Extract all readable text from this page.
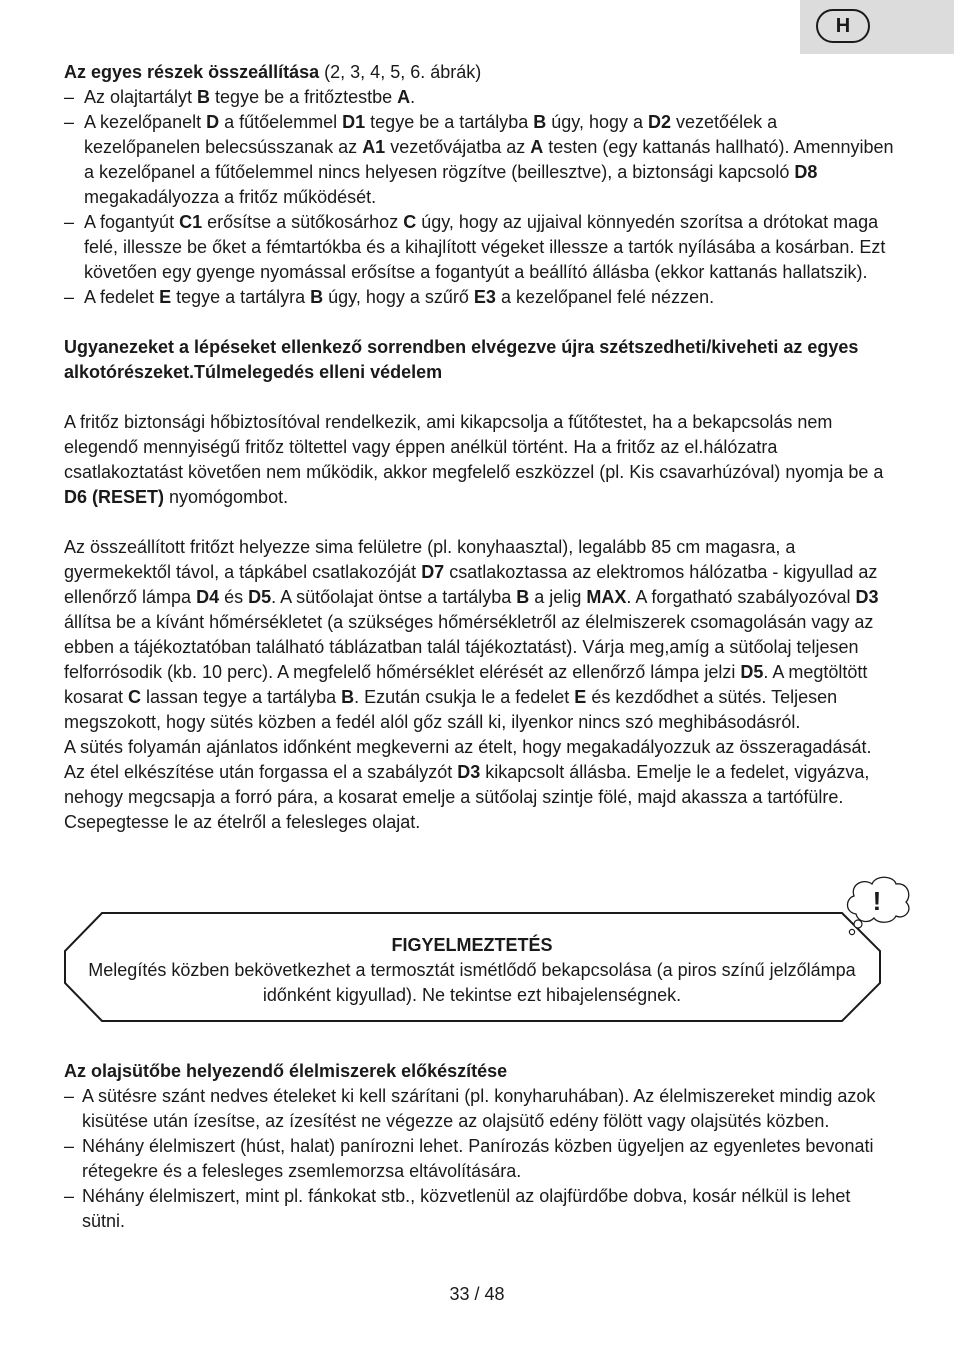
H

Az egyes részek összeállítása (2, 3, 4, 5, 6. ábrák)

– Az olajtartályt B tegye be a fritőztestbe A.

– A kezelőpanelt D a fűtőelemmel D1 tegye be a tartályba B úgy, hogy a D2 vezetőélek a kezelőpanelen belecsússzanak az A1 vezetővájatba az A testen (egy kattanás hallható). Amennyiben a kezelőpanel a fűtőelemmel nincs helyesen rögzítve (beillesztve), a biztonsági kapcsoló D8 megakadályozza a fritőz működését.

– A fogantyút C1 erősítse a sütőkosárhoz C úgy, hogy az ujjaival könnyedén szorítsa a drótokat maga felé, illessze be őket a fémtartókba és a kihajlított végeket illessze a tartók nyílásába a kosárban. Ezt követően egy gyenge nyomással erősítse a fogantyút a beállító állásba (ekkor kattanás hallatszik).

– A fedelet E tegye a tartályra B úgy, hogy a szűrő E3 a kezelőpanel felé nézzen.

Ugyanezeket a lépéseket ellenkező sorrendben elvégezve újra szétszedheti/kiveheti az egyes alkotórészeket.Túlmelegedés elleni védelem

A fritőz biztonsági hőbiztosítóval rendelkezik, ami kikapcsolja a fűtőtestet, ha a bekapcsolás nem elegendő mennyiségű fritőz töltettel vagy éppen anélkül történt. Ha a fritőz az el.hálózatra csatlakoztatást követően nem működik, akkor megfelelő eszközzel (pl. Kis csavarhúzóval) nyomja be a D6 (RESET) nyomógombot.

Az összeállított fritőzt helyezze sima felületre (pl. konyhaasztal), legalább 85 cm magasra, a gyermekektől távol, a tápkábel csatlakozóját D7 csatlakoztassa az elektromos hálózatba - kigyullad az ellenőrző lámpa D4 és D5. A sütőolajat öntse a tartályba B a jelig MAX. A forgatható szabályozóval D3 állítsa be a kívánt hőmérsékletet (a szükséges hőmérsékletről az élelmiszerek csomagolásán vagy az ebben a tájékoztatóban található táblázatban talál tájékoztatást). Várja meg,amíg a sütőolaj teljesen felforrósodik (kb. 10 perc). A megfelelő hőmérséklet elérését az ellenőrző lámpa jelzi D5. A megtöltött kosarat C lassan tegye a tartályba B. Ezután csukja le a fedelet E és kezdődhet a sütés. Teljesen megszokott, hogy sütés közben a fedél alól gőz száll ki, ilyenkor nincs szó meghibásodásról.

A sütés folyamán ajánlatos időnként megkeverni az ételt, hogy megakadályozzuk az összeragadását. Az étel elkészítése után forgassa el a szabályzót D3 kikapcsolt állásba. Emelje le a fedelet, vigyázva, nehogy megcsapja a forró pára, a kosarat emelje a sütőolaj szintje fölé, majd akassza a tartófülre. Csepegtesse le az ételről a felesleges olajat.

FIGYELMEZTETÉS
Melegítés közben bekövetkezhet a termosztát ismétlődő bekapcsolása (a piros színű jelzőlámpa időnként kigyullad). Ne tekintse ezt hibajelenségnek.
!

Az olajsütőbe helyezendő élelmiszerek előkészítése

– A sütésre szánt nedves ételeket ki kell szárítani (pl. konyharuhában). Az élelmiszereket mindig azok kisütése után ízesítse, az ízesítést ne végezze az olajsütő edény fölött vagy olajsütés közben.

– Néhány élelmiszert (húst, halat) panírozni lehet. Panírozás közben ügyeljen az egyenletes bevonati rétegekre és a felesleges zsemlemorzsa eltávolítására.

– Néhány élelmiszert, mint pl. fánkokat stb., közvetlenül az olajfürdőbe dobva, kosár nélkül is lehet sütni.

33 / 48
